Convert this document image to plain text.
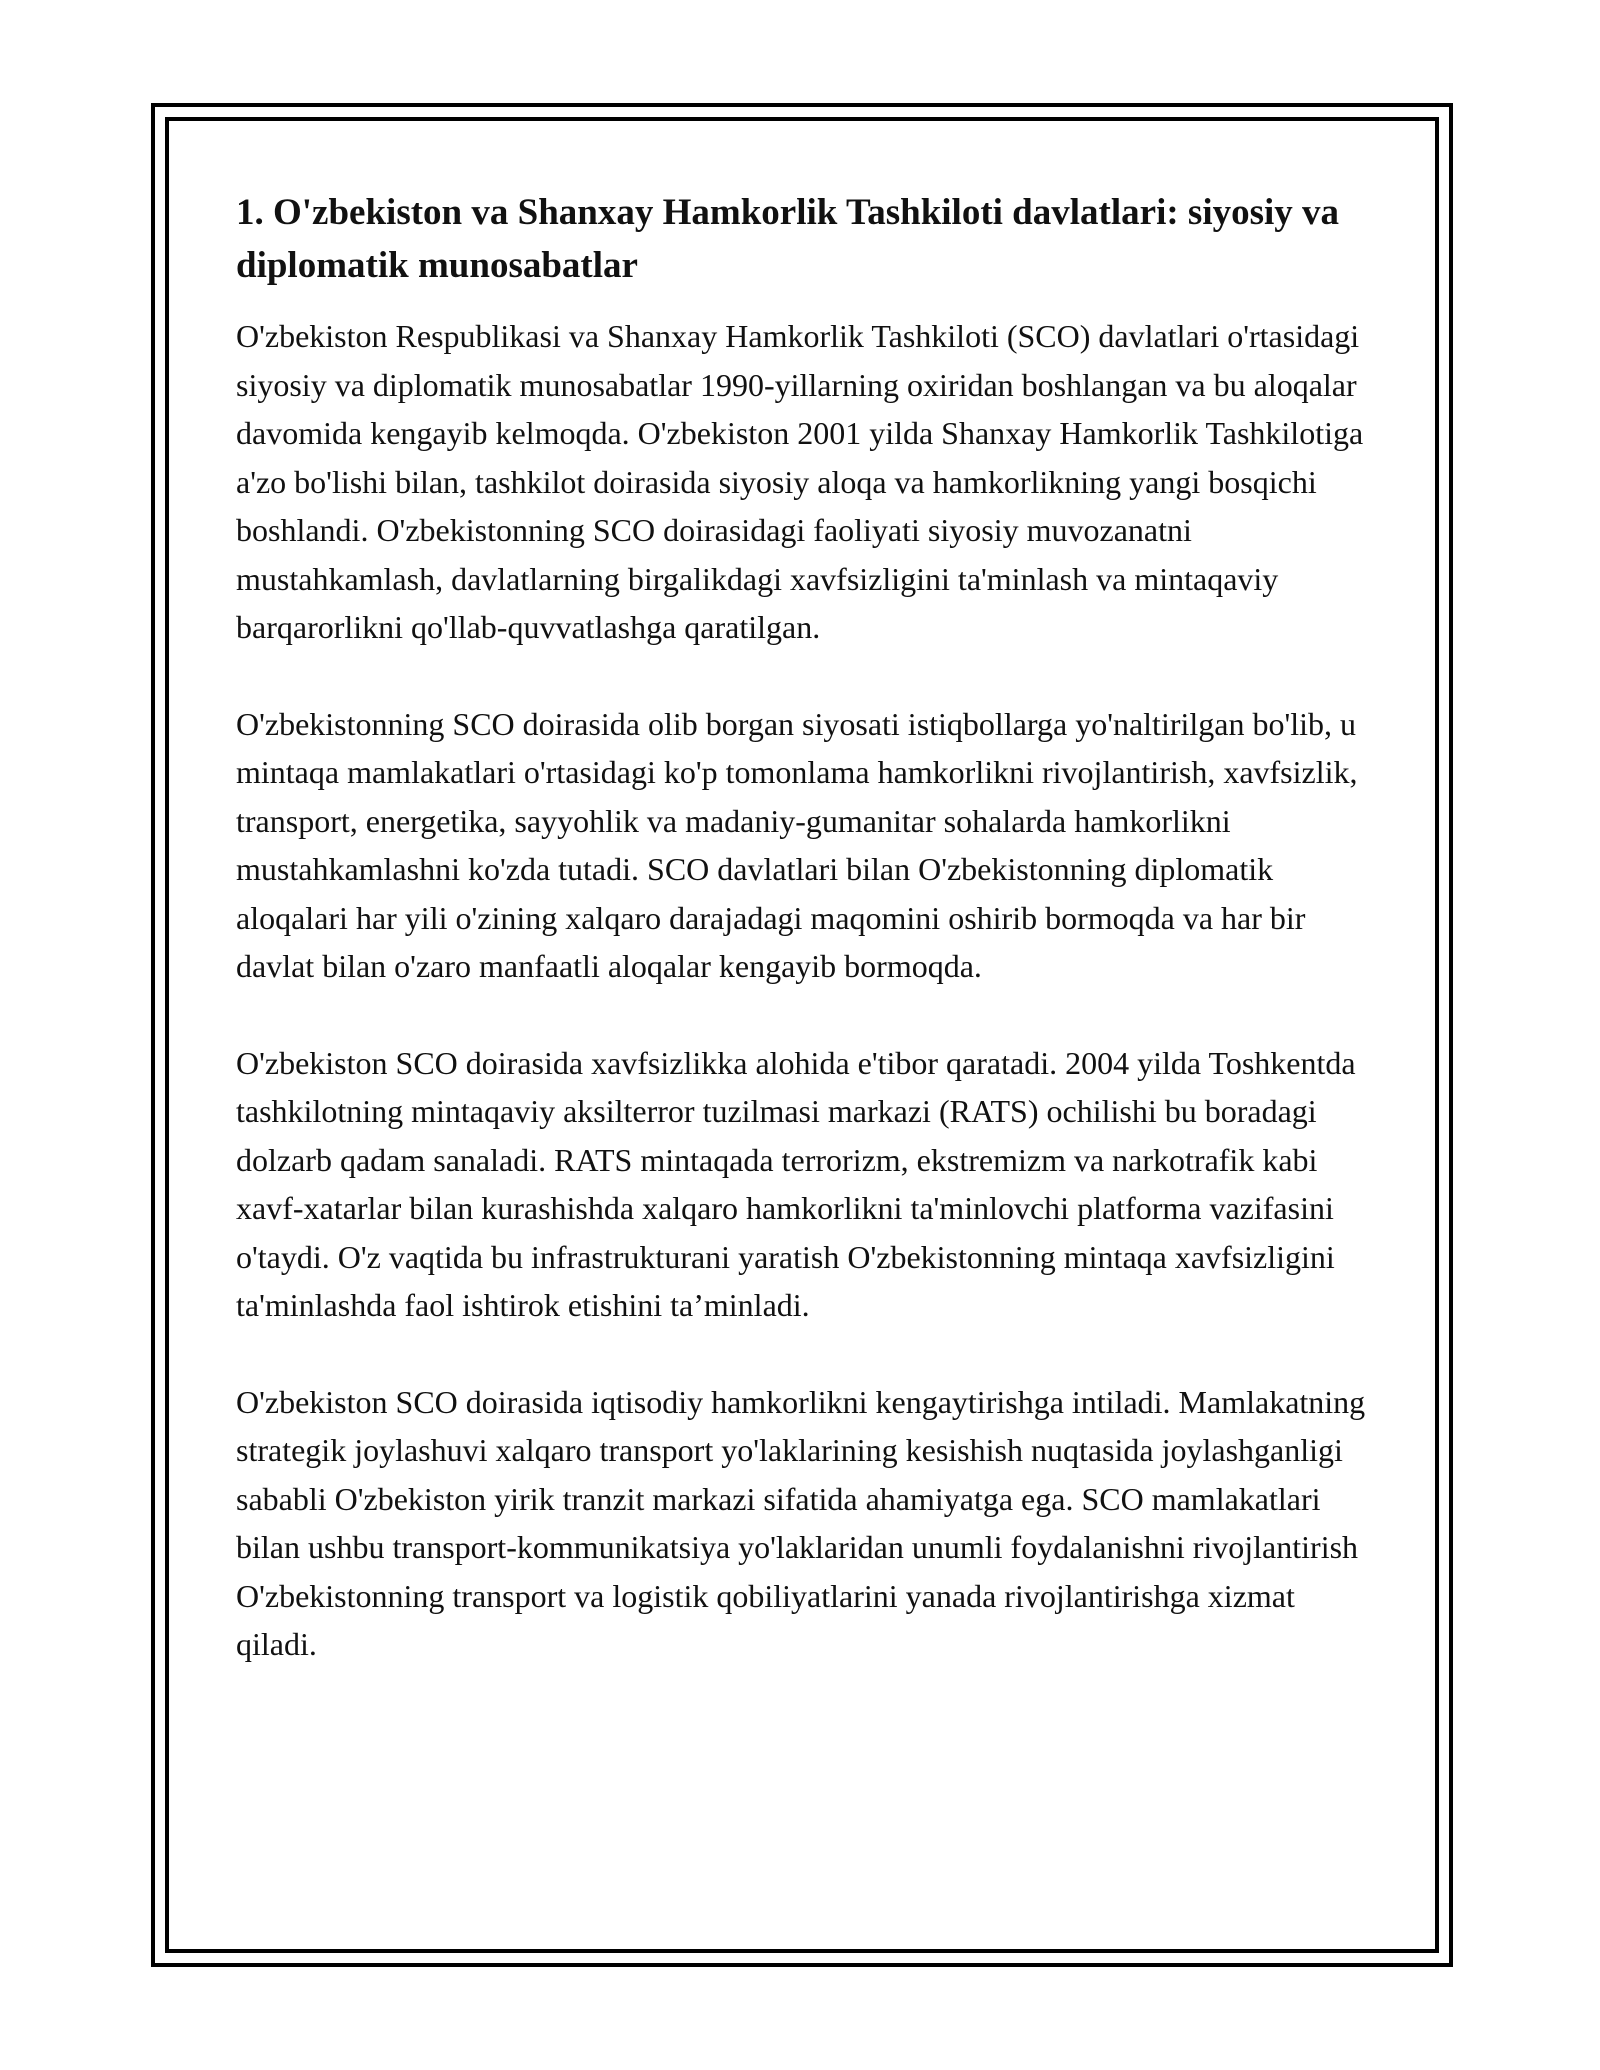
1. O'zbekiston va Shanxay Hamkorlik Tashkiloti davlatlari: siyosiy va diplomatik munosabatlar

O'zbekiston Respublikasi va Shanxay Hamkorlik Tashkiloti (SCO) davlatlari o'rtasidagi siyosiy va diplomatik munosabatlar 1990-yillarning oxiridan boshlangan va bu aloqalar davomida kengayib kelmoqda. O'zbekiston 2001 yilda Shanxay Hamkorlik Tashkilotiga a'zo bo'lishi bilan, tashkilot doirasida siyosiy aloqa va hamkorlikning yangi bosqichi boshlandi. O'zbekistonning SCO doirasidagi faoliyati siyosiy muvozanatni mustahkamlash, davlatlarning birgalikdagi xavfsizligini ta'minlash va mintaqaviy barqarorlikni qo'llab-quvvatlashga qaratilgan.

O'zbekistonning SCO doirasida olib borgan siyosati istiqbollarga yo'naltirilgan bo'lib, u mintaqa mamlakatlari o'rtasidagi ko'p tomonlama hamkorlikni rivojlantirish, xavfsizlik, transport, energetika, sayyohlik va madaniy-gumanitar sohalarda hamkorlikni mustahkamlashni ko'zda tutadi. SCO davlatlari bilan O'zbekistonning diplomatik aloqalari har yili o'zining xalqaro darajadagi maqomini oshirib bormoqda va har bir davlat bilan o'zaro manfaatli aloqalar kengayib bormoqda.

O'zbekiston SCO doirasida xavfsizlikka alohida e'tibor qaratadi. 2004 yilda Toshkentda tashkilotning mintaqaviy aksilterror tuzilmasi markazi (RATS) ochilishi bu boradagi dolzarb qadam sanaladi. RATS mintaqada terrorizm, ekstremizm va narkotrafik kabi xavf-xatarlar bilan kurashishda xalqaro hamkorlikni ta'minlovchi platforma vazifasini o'taydi. O'z vaqtida bu infrastrukturani yaratish O'zbekistonning mintaqa xavfsizligini ta'minlashda faol ishtirok etishini ta’minladi.

O'zbekiston SCO doirasida iqtisodiy hamkorlikni kengaytirishga intiladi. Mamlakatning strategik joylashuvi xalqaro transport yo'laklarining kesishish nuqtasida joylashganligi sababli O'zbekiston yirik tranzit markazi sifatida ahamiyatga ega. SCO mamlakatlari bilan ushbu transport-kommunikatsiya yo'laklaridan unumli foydalanishni rivojlantirish O'zbekistonning transport va logistik qobiliyatlarini yanada rivojlantirishga xizmat qiladi.
